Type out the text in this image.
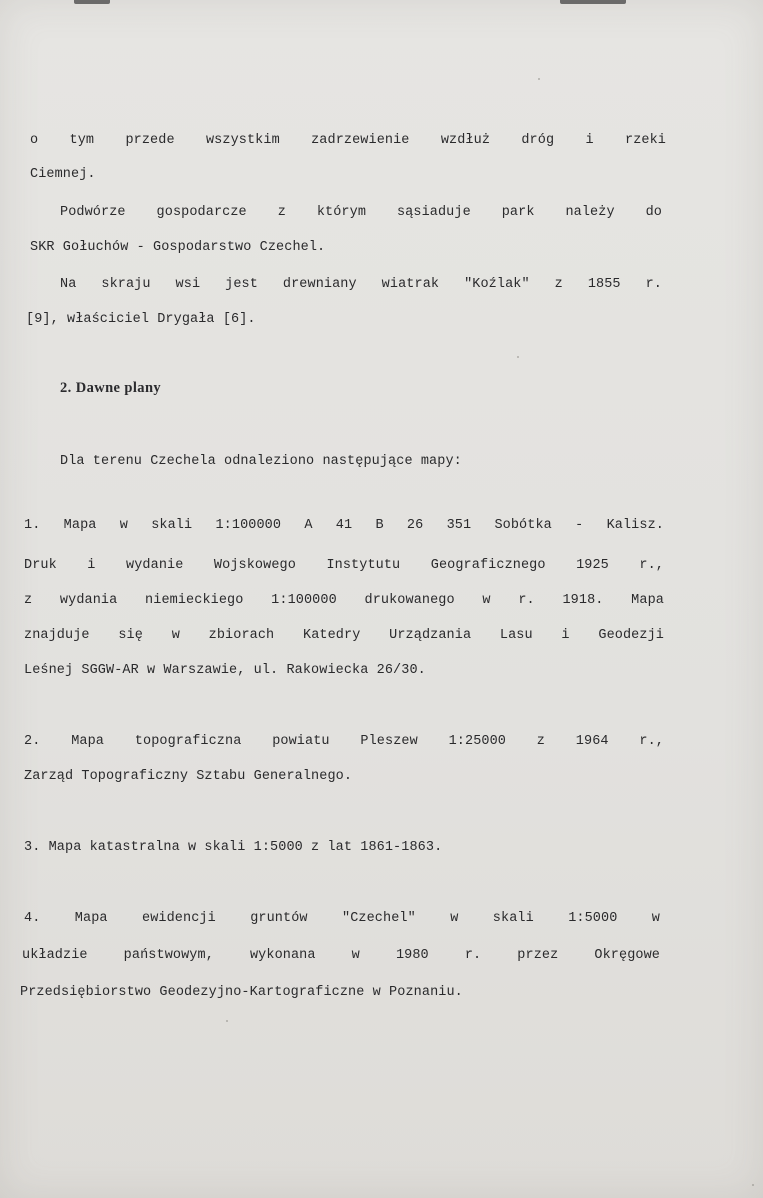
o tym przede wszystkim zadrzewienie wzdłuż dróg i rzeki

Ciemnej.

Podwórze gospodarcze z którym sąsiaduje park należy do

SKR Gołuchów - Gospodarstwo Czechel.

Na skraju wsi jest drewniany wiatrak "Koźlak" z 1855 r.

[9], właściciel Drygała [6].

2. Dawne plany

Dla terenu Czechela odnaleziono następujące mapy:

1. Mapa w skali 1:100000 A 41 B 26 351 Sobótka - Kalisz.

Druk i wydanie Wojskowego Instytutu Geograficznego 1925 r.,

z wydania niemieckiego 1:100000 drukowanego w r. 1918. Mapa

znajduje się w zbiorach Katedry Urządzania Lasu i Geodezji

Leśnej SGGW-AR w Warszawie, ul. Rakowiecka 26/30.

2. Mapa topograficzna powiatu Pleszew 1:25000 z 1964 r.,

Zarząd Topograficzny Sztabu Generalnego.

3. Mapa katastralna w skali 1:5000 z lat 1861-1863.

4. Mapa ewidencji gruntów "Czechel" w skali 1:5000 w

układzie państwowym, wykonana w 1980 r. przez Okręgowe

Przedsiębiorstwo Geodezyjno-Kartograficzne w Poznaniu.
